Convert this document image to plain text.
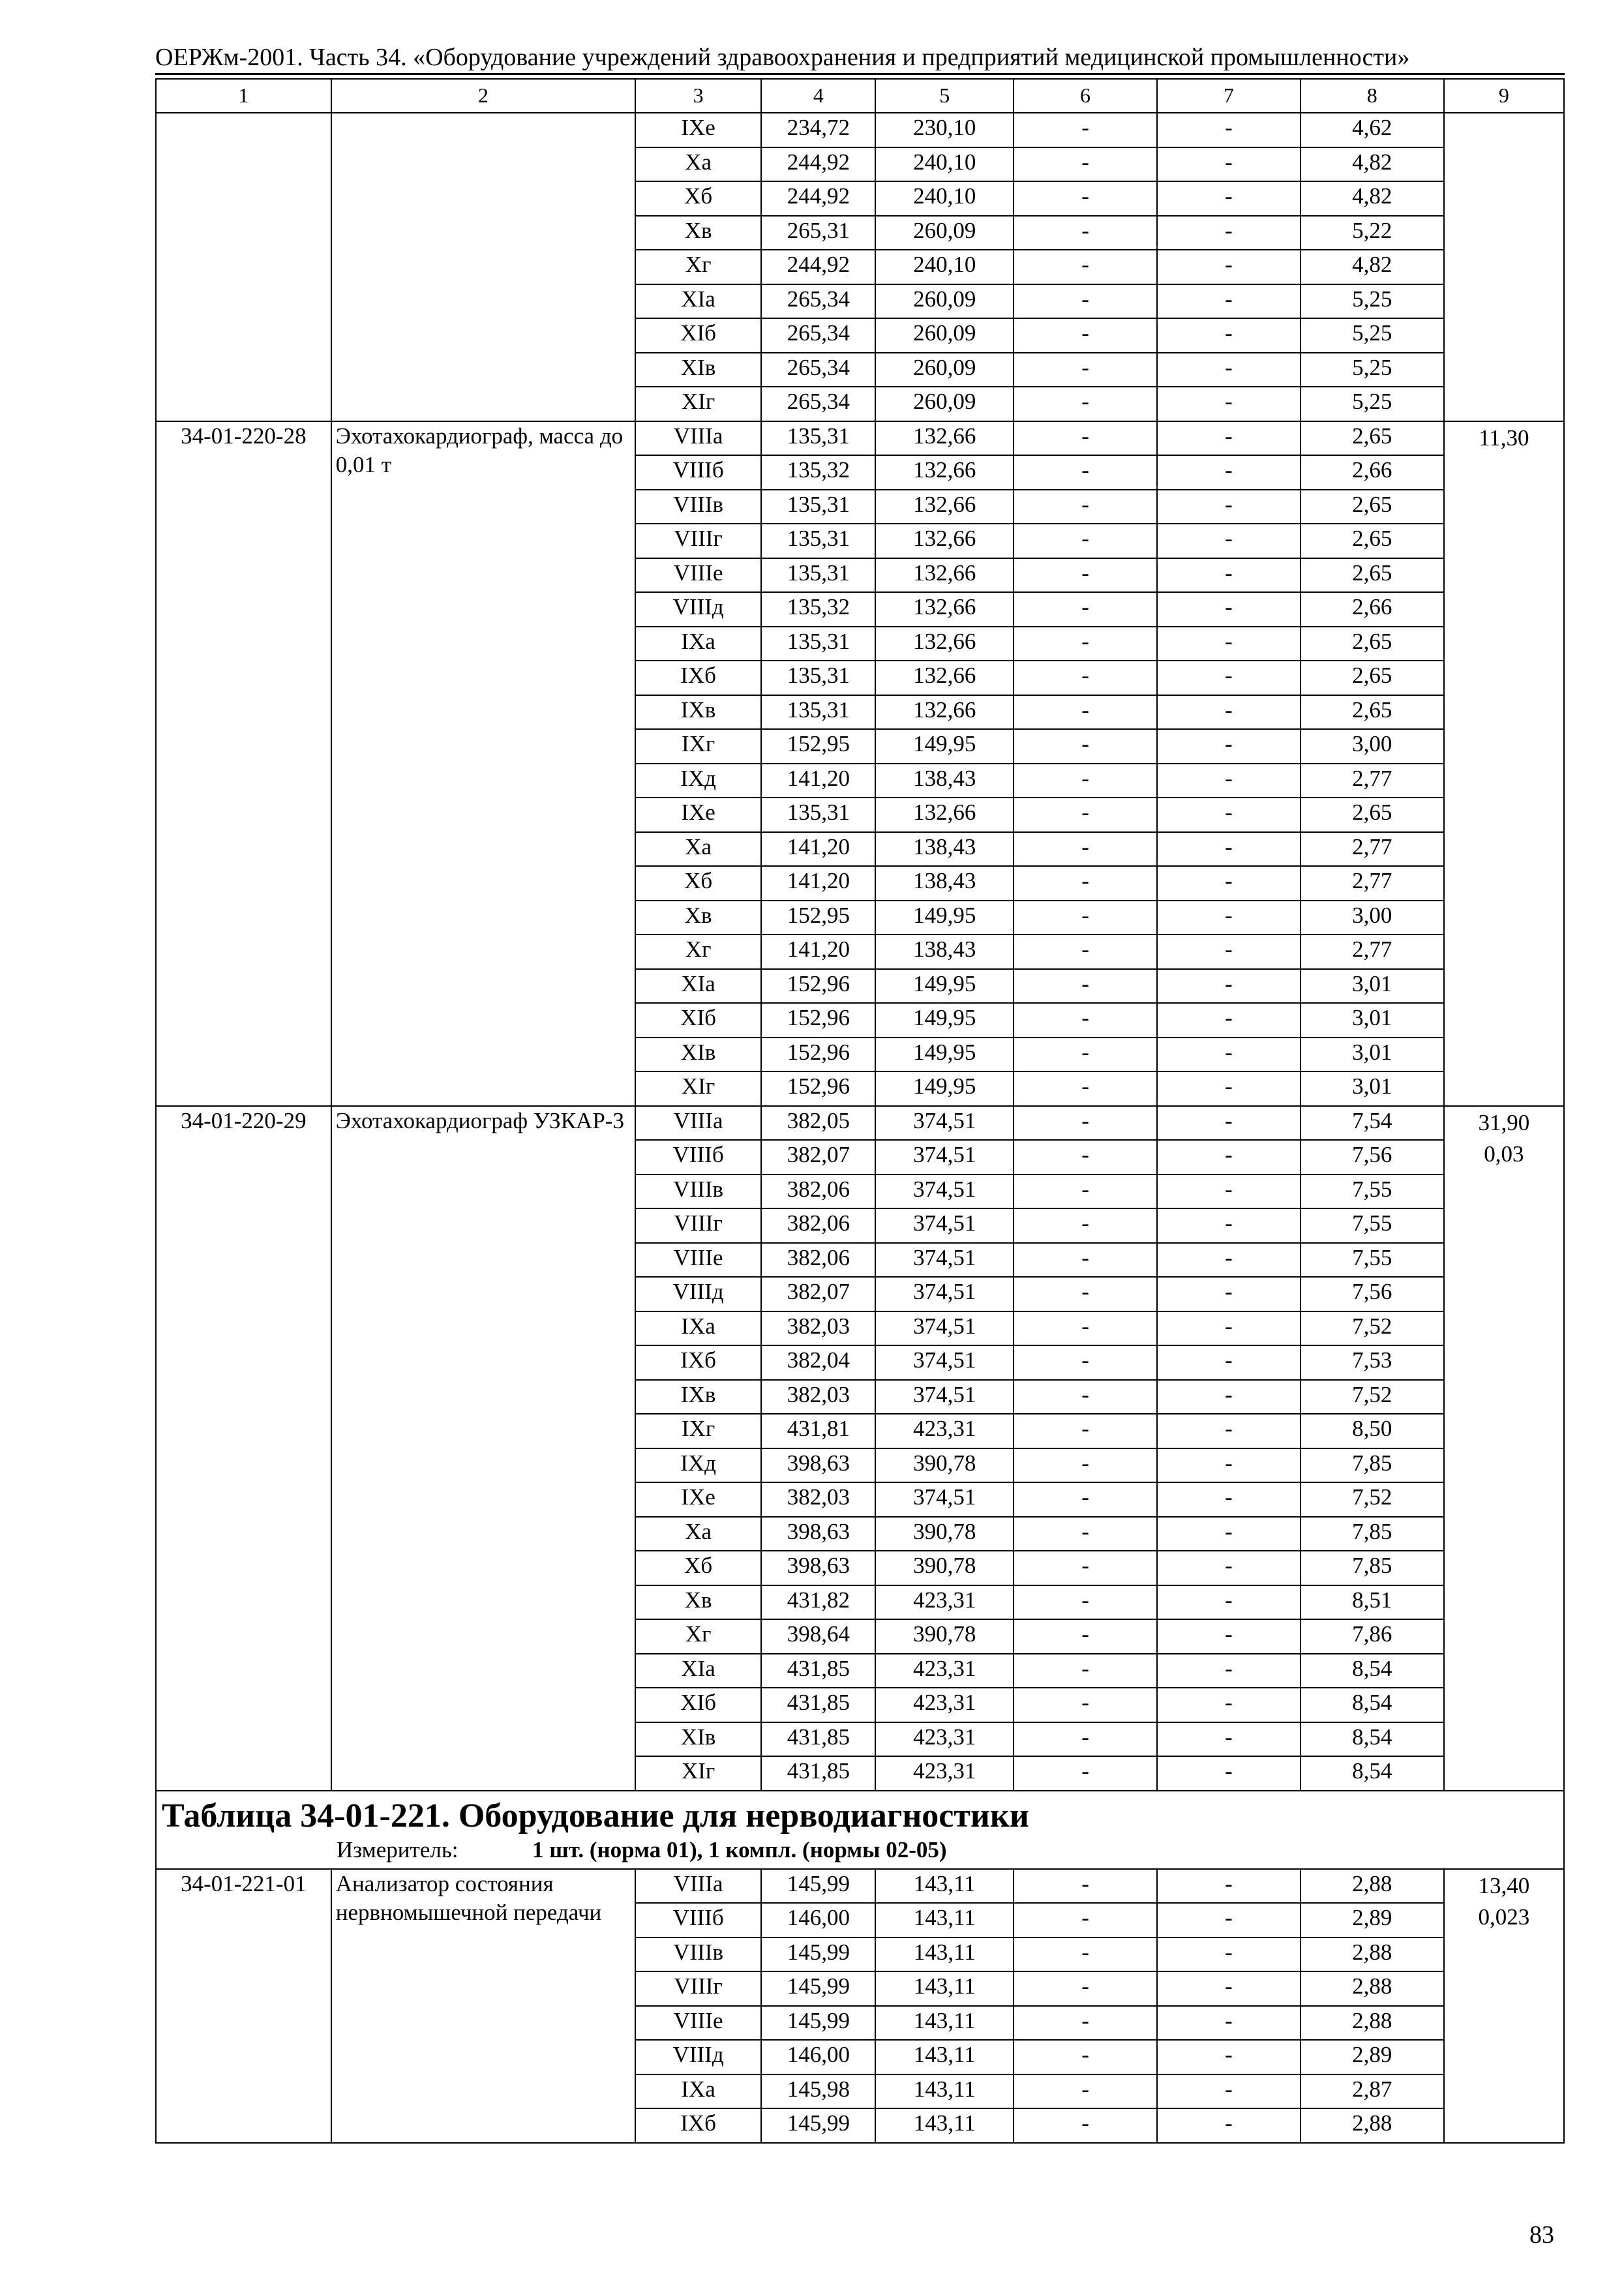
ОЕРЖм-2001. Часть 34. «Оборудование учреждений здравоохранения и предприятий медицинской промышленности»
1	2	3	4	5	6	7	8	9
		IXе	234,72	230,10	-	-	4,62	
		Xа	244,92	240,10	-	-	4,82	
		Xб	244,92	240,10	-	-	4,82	
		Xв	265,31	260,09	-	-	5,22	
		Xг	244,92	240,10	-	-	4,82	
		XIа	265,34	260,09	-	-	5,25	
		XIб	265,34	260,09	-	-	5,25	
		XIв	265,34	260,09	-	-	5,25	
		XIг	265,34	260,09	-	-	5,25	
34-01-220-28	Эхотахокардиограф, масса до 0,01 т	VIIIа	135,31	132,66	-	-	2,65	11,30

		VIIIб	135,32	132,66	-	-	2,66	
		VIIIв	135,31	132,66	-	-	2,65	
		VIIIг	135,31	132,66	-	-	2,65	
		VIIIе	135,31	132,66	-	-	2,65	
		VIIIд	135,32	132,66	-	-	2,66	
		IXа	135,31	132,66	-	-	2,65	
		IXб	135,31	132,66	-	-	2,65	
		IXв	135,31	132,66	-	-	2,65	
		IXг	152,95	149,95	-	-	3,00	
		IXд	141,20	138,43	-	-	2,77	
		IXе	135,31	132,66	-	-	2,65	
		Xа	141,20	138,43	-	-	2,77	
		Xб	141,20	138,43	-	-	2,77	
		Xв	152,95	149,95	-	-	3,00	
		Xг	141,20	138,43	-	-	2,77	
		XIа	152,96	149,95	-	-	3,01	
		XIб	152,96	149,95	-	-	3,01	
		XIв	152,96	149,95	-	-	3,01	
		XIг	152,96	149,95	-	-	3,01	
34-01-220-29	Эхотахокардиограф УЗКАР-3	VIIIа	382,05	374,51	-	-	7,54	31,90
0,03

		VIIIб	382,07	374,51	-	-	7,56	
		VIIIв	382,06	374,51	-	-	7,55	
		VIIIг	382,06	374,51	-	-	7,55	
		VIIIе	382,06	374,51	-	-	7,55	
		VIIIд	382,07	374,51	-	-	7,56	
		IXа	382,03	374,51	-	-	7,52	
		IXб	382,04	374,51	-	-	7,53	
		IXв	382,03	374,51	-	-	7,52	
		IXг	431,81	423,31	-	-	8,50	
		IXд	398,63	390,78	-	-	7,85	
		IXе	382,03	374,51	-	-	7,52	
		Xа	398,63	390,78	-	-	7,85	
		Xб	398,63	390,78	-	-	7,85	
		Xв	431,82	423,31	-	-	8,51	
		Xг	398,64	390,78	-	-	7,86	
		XIа	431,85	423,31	-	-	8,54	
		XIб	431,85	423,31	-	-	8,54	
		XIв	431,85	423,31	-	-	8,54	
		XIг	431,85	423,31	-	-	8,54	

Таблица 34-01-221. Оборудование для нерводиагностики
Измеритель: 1 шт. (норма 01), 1 компл. (нормы 02-05)								

34-01-221-01	Анализатор состояния нервномышечной передачи	VIIIа	145,99	143,11	-	-	2,88	13,40
0,023

		VIIIб	146,00	143,11	-	-	2,89	
		VIIIв	145,99	143,11	-	-	2,88	
		VIIIг	145,99	143,11	-	-	2,88	
		VIIIе	145,99	143,11	-	-	2,88	
		VIIIд	146,00	143,11	-	-	2,89	
		IXа	145,98	143,11	-	-	2,87	
		IXб	145,99	143,11	-	-	2,88	
83
